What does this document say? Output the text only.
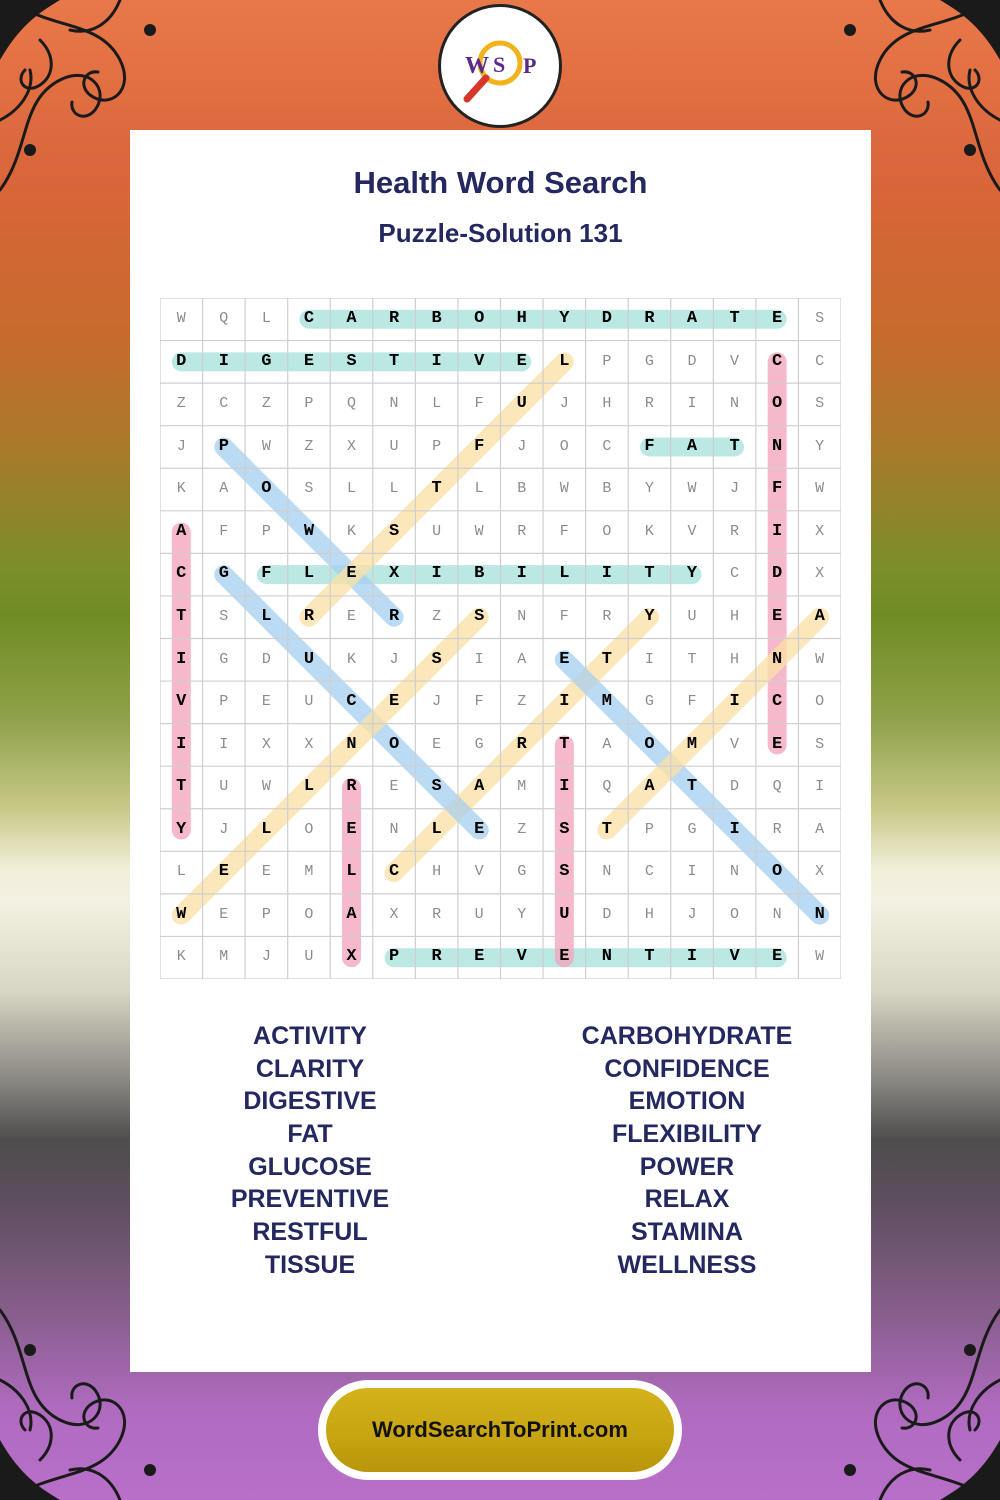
W S P
Health Word Search
Puzzle-Solution 131
W	Q	L	C	A	R	B	O	H	Y	D	R	A	T	E	S
D	I	G	E	S	T	I	V	E	L	P	G	D	V	C	C
Z	C	Z	P	Q	N	L	F	U	J	H	R	I	N	O	S
J	P	W	Z	X	U	P	F	J	O	C	F	A	T	N	Y
K	A	O	S	L	L	T	L	B	W	B	Y	W	J	F	W
A	F	P	W	K	S	U	W	R	F	O	K	V	R	I	X
C	G	F	L	E	X	I	B	I	L	I	T	Y	C	D	X
T	S	L	R	E	R	Z	S	N	F	R	Y	U	H	E	A
I	G	D	U	K	J	S	I	A	E	T	I	T	H	N	W
V	P	E	U	C	E	J	F	Z	I	M	G	F	I	C	O
I	I	X	X	N	O	E	G	R	T	A	O	M	V	E	S
T	U	W	L	R	E	S	A	M	I	Q	A	T	D	Q	I
Y	J	L	O	E	N	L	E	Z	S	T	P	G	I	R	A
L	E	E	M	L	C	H	V	G	S	N	C	I	N	O	X
W	E	P	O	A	X	R	U	Y	U	D	H	J	O	N	N
K	M	J	U	X	P	R	E	V	E	N	T	I	V	E	W
ACTIVITY
CLARITY
DIGESTIVE
FAT
GLUCOSE
PREVENTIVE
RESTFUL
TISSUE
CARBOHYDRATE
CONFIDENCE
EMOTION
FLEXIBILITY
POWER
RELAX
STAMINA
WELLNESS
WordSearchToPrint.com
